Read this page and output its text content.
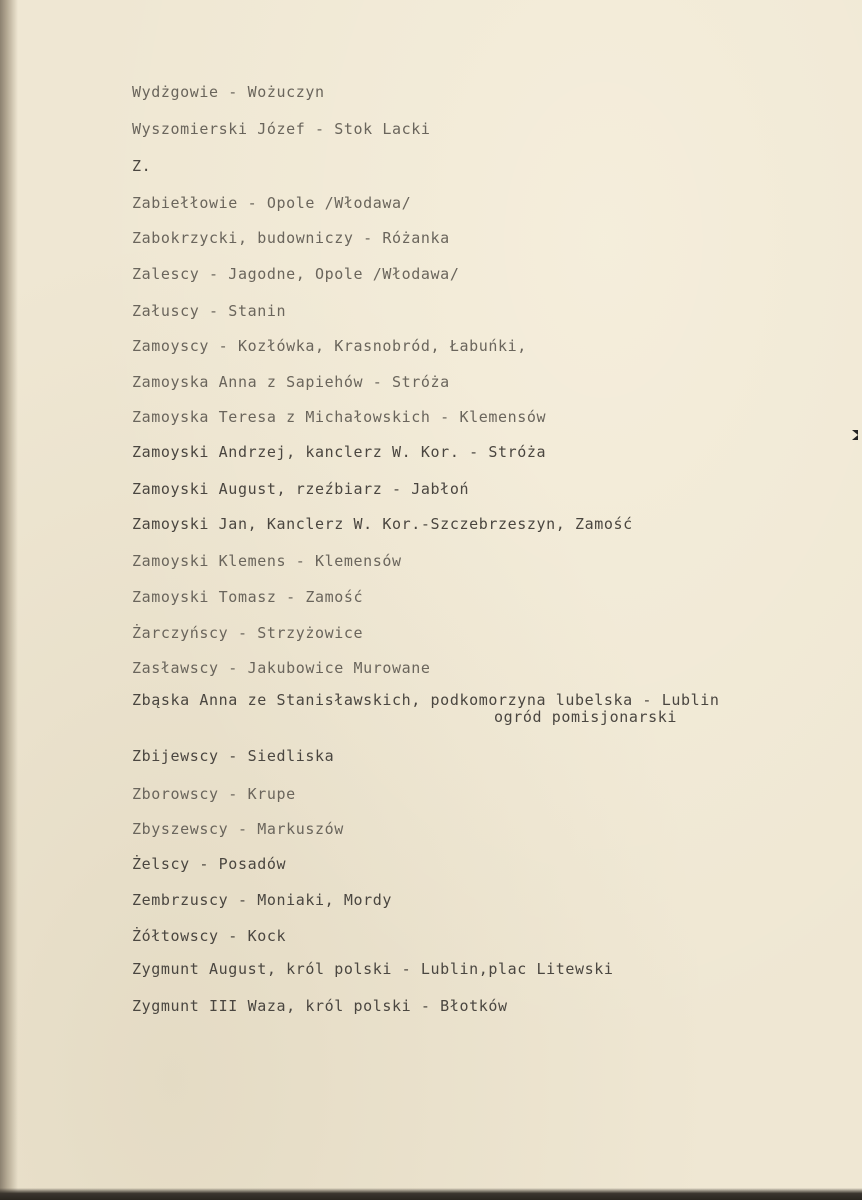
Wydżgowie - Wożuczyn
Wyszomierski Józef - Stok Lacki
Z.
Zabiełłowie - Opole /Włodawa/
Zabokrzycki, budowniczy - Różanka
Zalescy - Jagodne, Opole /Włodawa/
Załuscy - Stanin
Zamoyscy - Kozłówka, Krasnobród, Łabuńki,
Zamoyska Anna z Sapiehów - Stróża
Zamoyska Teresa z Michałowskich - Klemensów
Zamoyski Andrzej, kanclerz W. Kor. - Stróża
Zamoyski August, rzeźbiarz - Jabłoń
Zamoyski Jan, Kanclerz W. Kor.-Szczebrzeszyn, Zamość
Zamoyski Klemens - Klemensów
Zamoyski Tomasz - Zamość
Żarczyńscy - Strzyżowice
Zasławscy - Jakubowice Murowane
Zbąska Anna ze Stanisławskich, podkomorzyna lubelska - Lublin
ogród pomisjonarski
Zbijewscy - Siedliska
Zborowscy - Krupe
Zbyszewscy - Markuszów
Żelscy - Posadów
Zembrzuscy - Moniaki, Mordy
Żółtowscy - Kock
Zygmunt August, król polski - Lublin,plac Litewski
Zygmunt III Waza, król polski - Błotków
